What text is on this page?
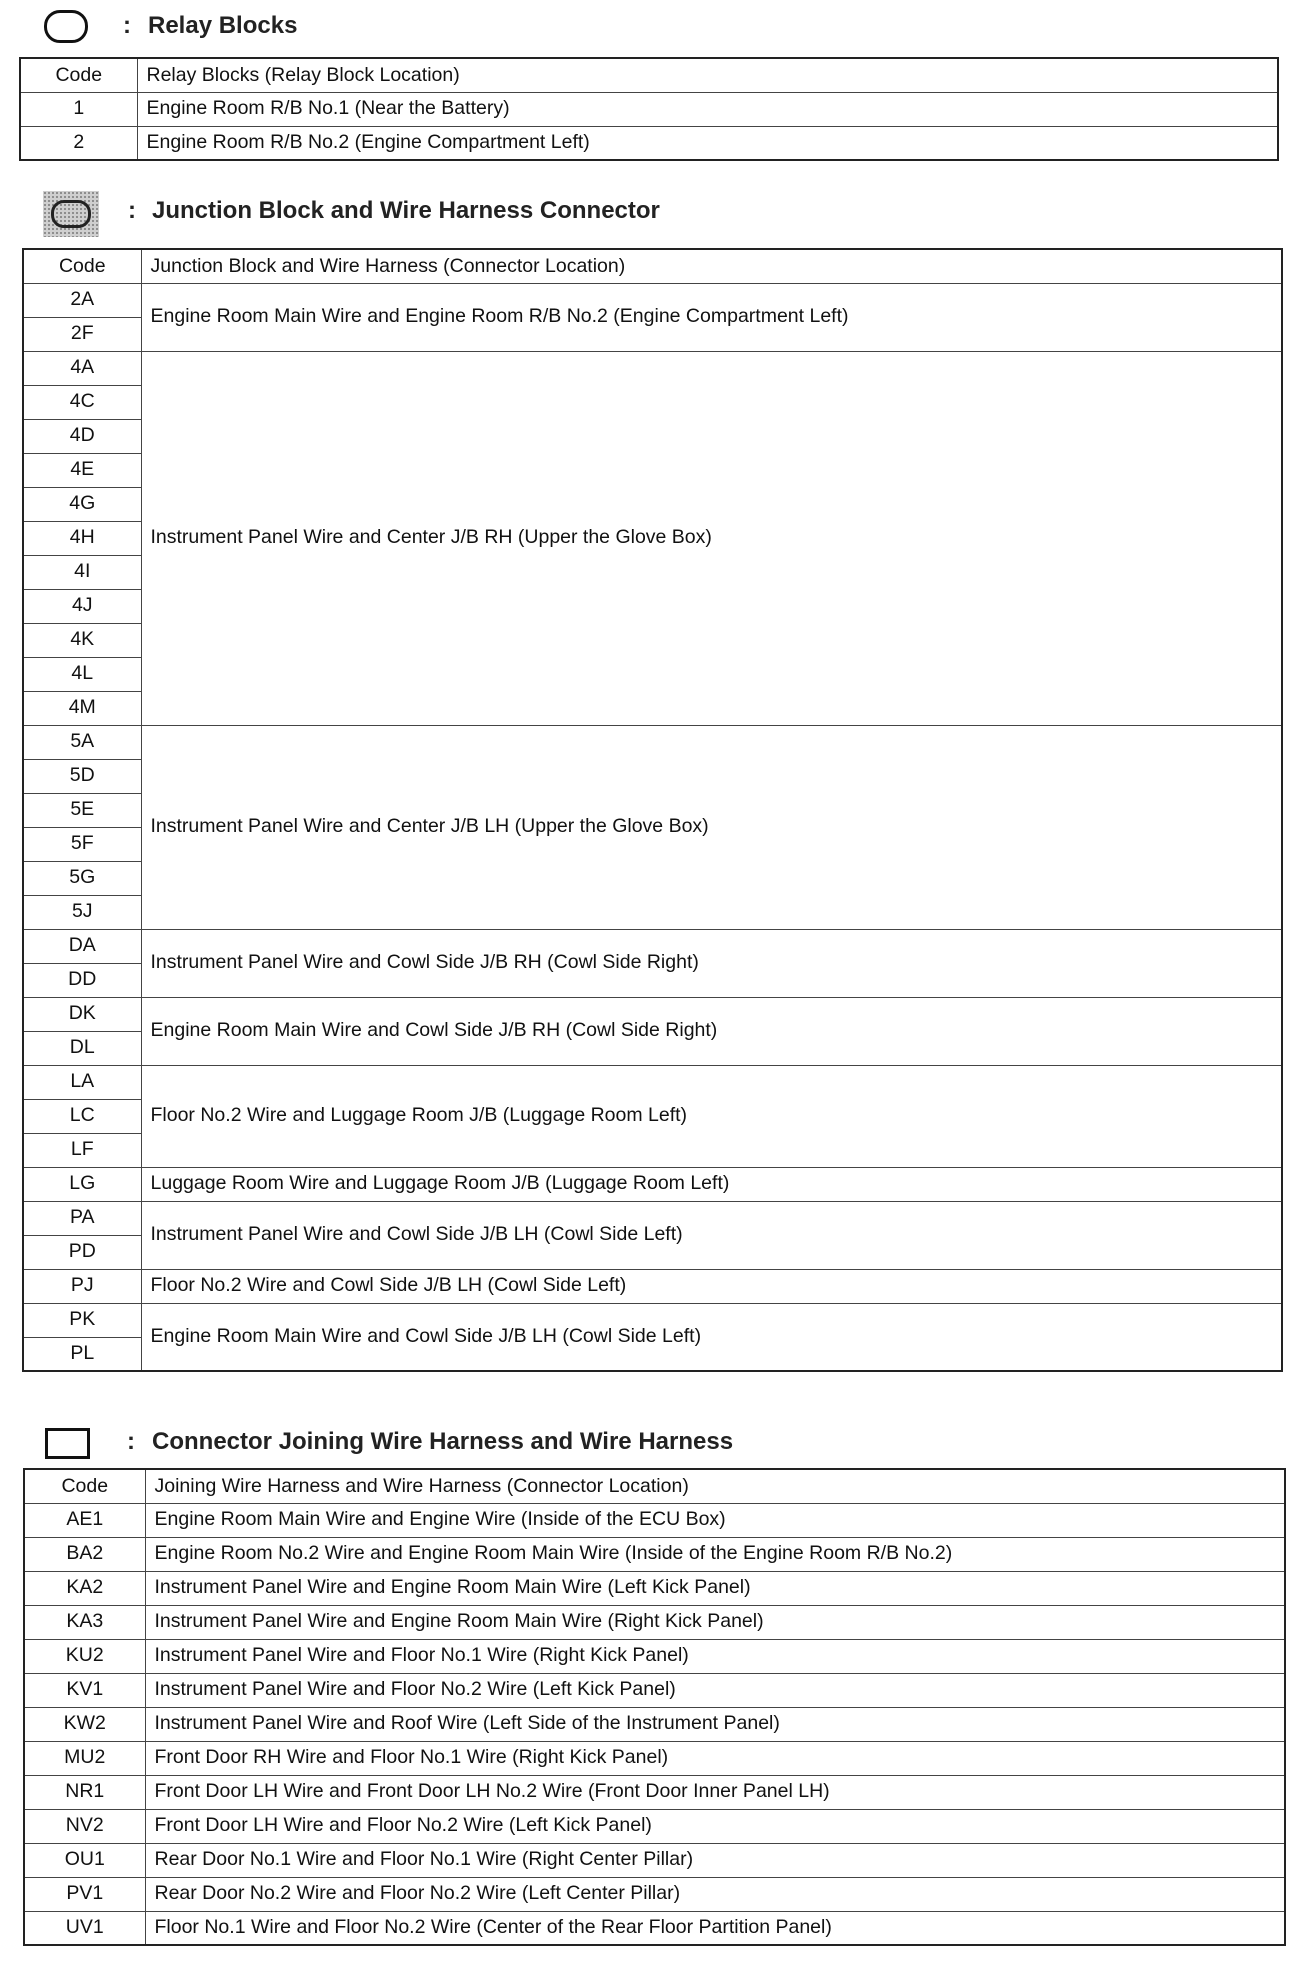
: Relay Blocks
Code	Relay Blocks (Relay Block Location)
1	Engine Room R/B No.1 (Near the Battery)
2	Engine Room R/B No.2 (Engine Compartment Left)
: Junction Block and Wire Harness Connector
Code	Junction Block and Wire Harness (Connector Location)
2A	Engine Room Main Wire and Engine Room R/B No.2 (Engine Compartment Left)
2F	
4A	Instrument Panel Wire and Center J/B RH (Upper the Glove Box)
4C	
4D	
4E	
4G	
4H	
4I	
4J	
4K	
4L	
4M	
5A	Instrument Panel Wire and Center J/B LH (Upper the Glove Box)
5D	
5E	
5F	
5G	
5J	
DA	Instrument Panel Wire and Cowl Side J/B RH (Cowl Side Right)
DD	
DK	Engine Room Main Wire and Cowl Side J/B RH (Cowl Side Right)
DL	
LA	Floor No.2 Wire and Luggage Room J/B (Luggage Room Left)
LC	
LF	
LG	Luggage Room Wire and Luggage Room J/B (Luggage Room Left)
PA	Instrument Panel Wire and Cowl Side J/B LH (Cowl Side Left)
PD	
PJ	Floor No.2 Wire and Cowl Side J/B LH (Cowl Side Left)
PK	Engine Room Main Wire and Cowl Side J/B LH (Cowl Side Left)
PL	
: Connector Joining Wire Harness and Wire Harness
Code	Joining Wire Harness and Wire Harness (Connector Location)
AE1	Engine Room Main Wire and Engine Wire (Inside of the ECU Box)
BA2	Engine Room No.2 Wire and Engine Room Main Wire (Inside of the Engine Room R/B No.2)
KA2	Instrument Panel Wire and Engine Room Main Wire (Left Kick Panel)
KA3	Instrument Panel Wire and Engine Room Main Wire (Right Kick Panel)
KU2	Instrument Panel Wire and Floor No.1 Wire (Right Kick Panel)
KV1	Instrument Panel Wire and Floor No.2 Wire (Left Kick Panel)
KW2	Instrument Panel Wire and Roof Wire (Left Side of the Instrument Panel)
MU2	Front Door RH Wire and Floor No.1 Wire (Right Kick Panel)
NR1	Front Door LH Wire and Front Door LH No.2 Wire (Front Door Inner Panel LH)
NV2	Front Door LH Wire and Floor No.2 Wire (Left Kick Panel)
OU1	Rear Door No.1 Wire and Floor No.1 Wire (Right Center Pillar)
PV1	Rear Door No.2 Wire and Floor No.2 Wire (Left Center Pillar)
UV1	Floor No.1 Wire and Floor No.2 Wire (Center of the Rear Floor Partition Panel)
